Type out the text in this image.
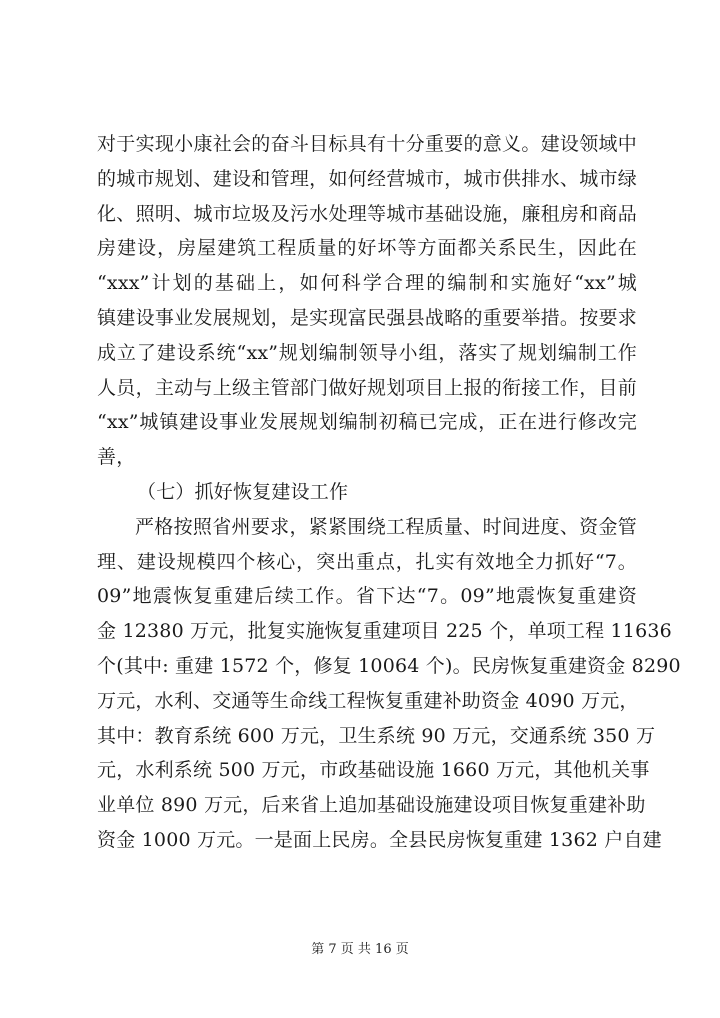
对于实现小康社会的奋斗目标具有十分重要的意义。建设领域中
的城市规划、建设和管理，如何经营城市，城市供排水、城市绿
化、照明、城市垃圾及污水处理等城市基础设施，廉租房和商品
房建设，房屋建筑工程质量的好坏等方面都关系民生，因此在
“xxx”计划的基础上，如何科学合理的编制和实施好“xx”城
镇建设事业发展规划，是实现富民强县战略的重要举措。按要求
成立了建设系统“xx”规划编制领导小组，落实了规划编制工作
人员，主动与上级主管部门做好规划项目上报的衔接工作，目前
“xx”城镇建设事业发展规划编制初稿已完成，正在进行修改完
善，
（七）抓好恢复建设工作
严格按照省州要求，紧紧围绕工程质量、时间进度、资金管
理、建设规模四个核心，突出重点，扎实有效地全力抓好“7。
09”地震恢复重建后续工作。省下达“7。09”地震恢复重建资
金 12380 万元，批复实施恢复重建项目 225 个，单项工程 11636
个(其中: 重建 1572 个，修复 10064 个)。民房恢复重建资金 8290
万元，水利、交通等生命线工程恢复重建补助资金 4090 万元，
其中：教育系统 600 万元，卫生系统 90 万元，交通系统 350 万
元，水利系统 500 万元，市政基础设施 1660 万元，其他机关事
业单位 890 万元，后来省上追加基础设施建设项目恢复重建补助
资金 1000 万元。一是面上民房。全县民房恢复重建 1362 户自建
第 7 页 共 16 页
